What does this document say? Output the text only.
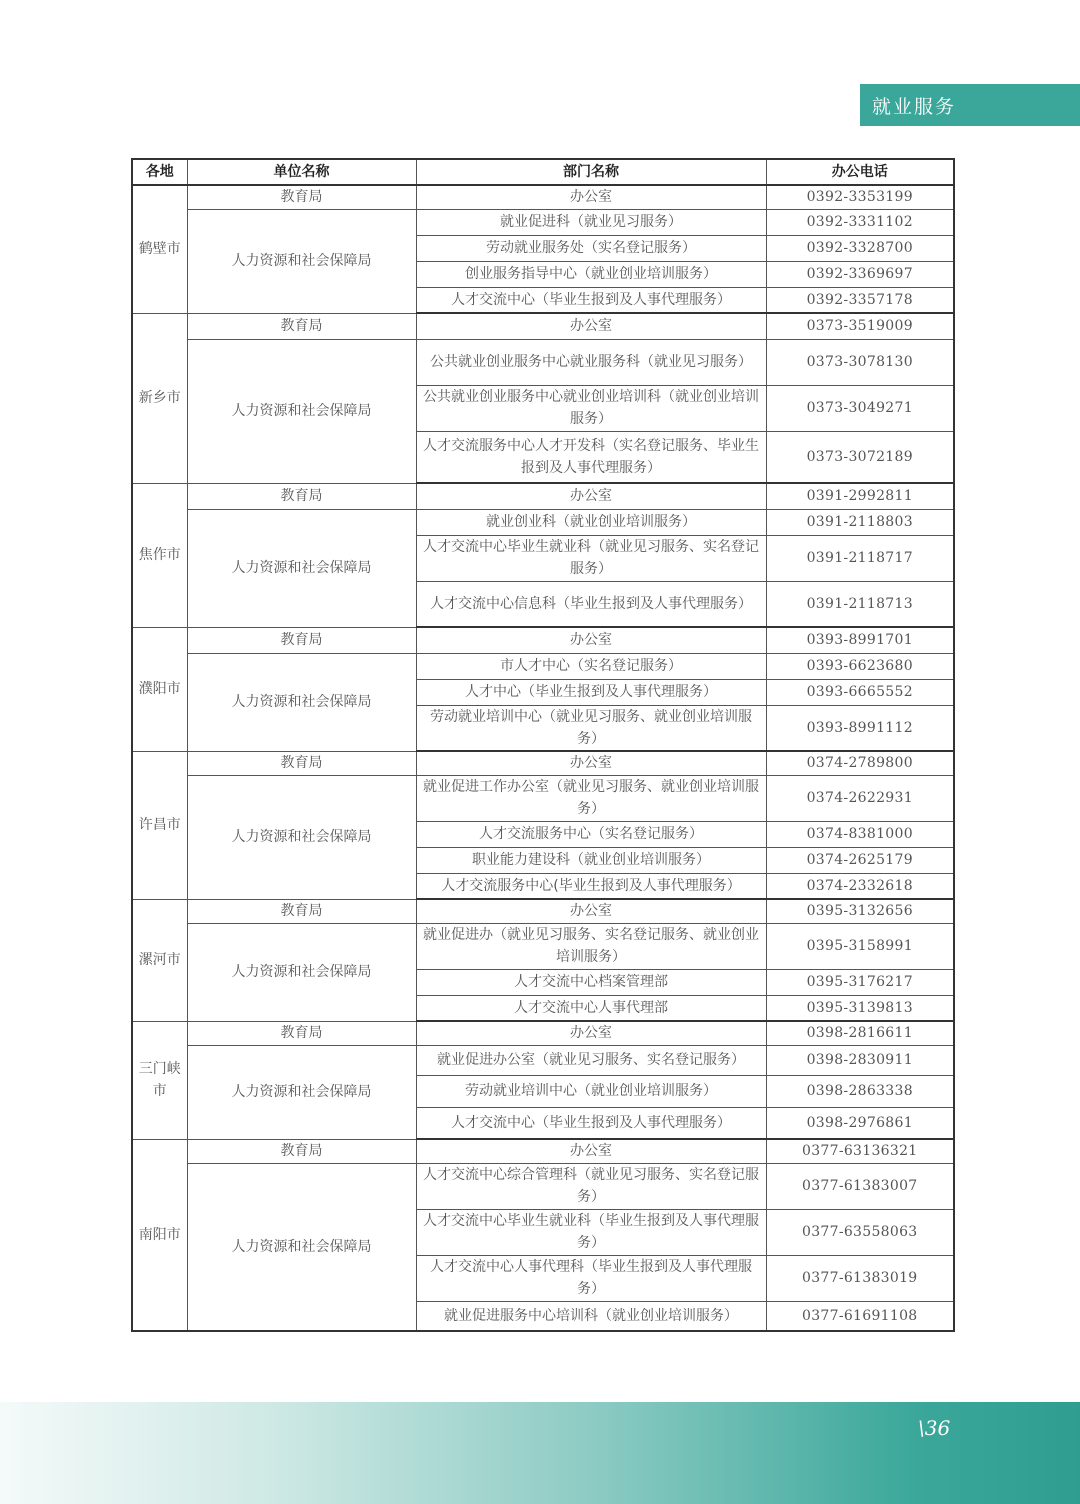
就业服务
各地	单位名称	部门名称	办公电话
鹤壁市	教育局	办公室	0392-3353199
	人力资源和社会保障局	就业促进科（就业见习服务）	0392-3331102
		劳动就业服务处（实名登记服务）	0392-3328700
		创业服务指导中心（就业创业培训服务）	0392-3369697
		人才交流中心（毕业生报到及人事代理服务）	0392-3357178
新乡市	教育局	办公室	0373-3519009
	人力资源和社会保障局	公共就业创业服务中心就业服务科（就业见习服务）	0373-3078130
		公共就业创业服务中心就业创业培训科（就业创业培训服务）	0373-3049271
		人才交流服务中心人才开发科（实名登记服务、毕业生报到及人事代理服务）	0373-3072189
焦作市	教育局	办公室	0391-2992811
	人力资源和社会保障局	就业创业科（就业创业培训服务）	0391-2118803
		人才交流中心毕业生就业科（就业见习服务、实名登记服务）	0391-2118717
		人才交流中心信息科（毕业生报到及人事代理服务）	0391-2118713
濮阳市	教育局	办公室	0393-8991701
	人力资源和社会保障局	市人才中心（实名登记服务）	0393-6623680
		人才中心（毕业生报到及人事代理服务）	0393-6665552
		劳动就业培训中心（就业见习服务、就业创业培训服务）	0393-8991112
许昌市	教育局	办公室	0374-2789800
	人力资源和社会保障局	就业促进工作办公室（就业见习服务、就业创业培训服务）	0374-2622931
		人才交流服务中心（实名登记服务）	0374-8381000
		职业能力建设科（就业创业培训服务）	0374-2625179
		人才交流服务中心(毕业生报到及人事代理服务）	0374-2332618
漯河市	教育局	办公室	0395-3132656
	人力资源和社会保障局	就业促进办（就业见习服务、实名登记服务、就业创业培训服务）	0395-3158991
		人才交流中心档案管理部	0395-3176217
		人才交流中心人事代理部	0395-3139813
三门峡市	教育局	办公室	0398-2816611
	人力资源和社会保障局	就业促进办公室（就业见习服务、实名登记服务）	0398-2830911
		劳动就业培训中心（就业创业培训服务）	0398-2863338
		人才交流中心（毕业生报到及人事代理服务）	0398-2976861
南阳市	教育局	办公室	0377-63136321
	人力资源和社会保障局	人才交流中心综合管理科（就业见习服务、实名登记服务）	0377-61383007
		人才交流中心毕业生就业科（毕业生报到及人事代理服务）	0377-63558063
		人才交流中心人事代理科（毕业生报到及人事代理服务）	0377-61383019
		就业促进服务中心培训科（就业创业培训服务）	0377-61691108
\36
